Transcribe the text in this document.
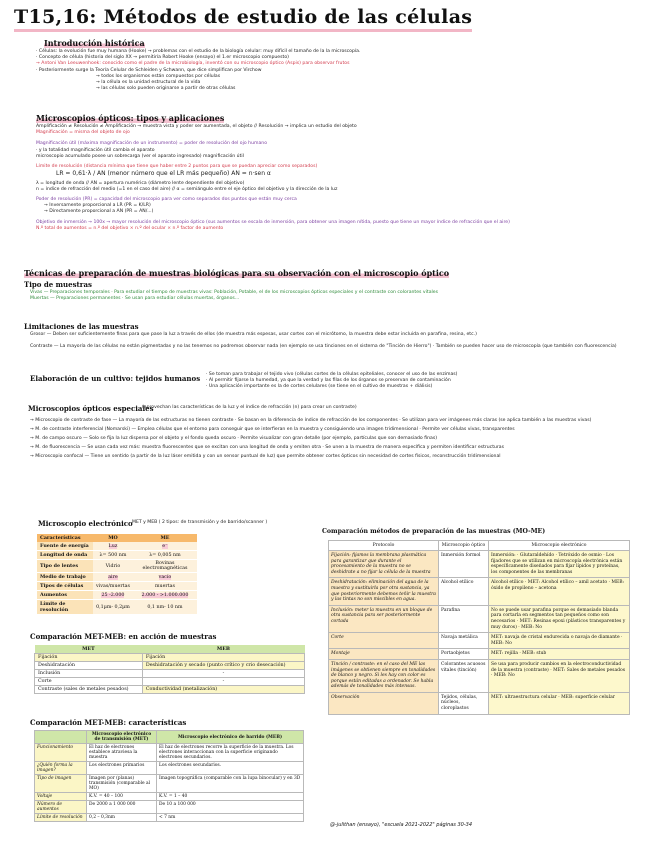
T15,16: Métodos de estudio de las células
Introducción histórica

· Células: la evolución fue muy humana (Hooke) → problemas con el estudio de la biología celular: muy difícil el tamaño de la la microscopía.

· Concepto de célula (historia del siglo XX → permitiría Robert Hooke (ensayo) el 1.er microscopio compuesto)

→ Antoni Van Leeuwenhoek: conocido como el padre de la microbiología, inventó con su microscopio óptico (Aspis) para observar frutos

· Posteriormente surge la Teoría Celular de Schleiden y Schwann, que dice simplifican por Virchow

→ todos los organismos están compuestos por células

→ la célula es la unidad estructural de la vida

→ las células solo pueden originarse a partir de otras células

Microscopios ópticos: tipos y aplicaciones

Amplificación ≠ Resolución ≠ Amplificación → muestra vista y poder ser aumentada, el objeto // Resolución → implica un estudio del objeto

Magnificación = misma del objeto de ojo

Magnificación útil (máxima magnificación de un instrumento) = poder de resolución del ojo humano

· y la totalidad magnificación útil cambia el aparato

microscopio acumulado posee un sobrecarga (ver el aparato ingresado) magnificación útil

Límite de resolución (distancia mínima que tiene que haber entre 2 puntos para que se puedan apreciar como separados)

LR = 0,61·λ / AN (menor número que el LR más pequeño) AN = n·sen α

λ = longitud de onda // AN = apertura numérica (diámetro lente dependiente del objetivo)

n = índice de refracción del medio (=1 en el caso del aire) // α = semiángulo entre el eje óptico del objetivo y la dirección de la luz

Poder de resolución (PR) = capacidad del microscopio para ver como separados dos puntos que están muy cerca

→ Inversamente proporcional a LR (PR = K/LR)

→ Directamente proporcional a AN (PR = AN/...)

Objetivo de inmersión → 100x → mayor resolución del microscopio óptico (sus aumentos se escala de inmersión, para obtener una imagen nítida, puesto que tiene un mayor índice de refracción que el aire)

N.º total de aumentos = n.º del objetivo × n.º del ocular × n.º factor de aumento

Técnicas de preparación de muestras biológicas para su observación con el microscopio óptico
Tipo de muestras

Vivas — Preparaciones temporales · Para estudiar el tiempo de muestras vivas: Población, Potable, el de los microscopios ópticos especiales y el contraste con colorantes vitales

Muertas — Preparaciones permanentes · Se usan para estudiar células muertas, órganos…

Limitaciones de las muestras

Grosor — Deben ser suficientemente finas para que pase la luz a través de ellos (de muestra más espesas, usar cortes con el micrótomo, la muestra debe estar incluida en parafina, resina, etc.)

Contraste — La mayoría de las células no están pigmentadas y no las tenemos no podremos observar nada (en ejemplo se usa tinciones en el sistema de "Tinción de Hierro") · También se pueden hacer uso de microscopía (que también con fluorescencia)

Elaboración de un cultivo: tejidos humanos · Se toman para trabajar el tejido vivo (células cortes de la células epiteliales, conocer el uso de las enzimas)

· Al permitir fijarse la humedad, ya que la verdad y las filas de los órganos se preservan de contaminación

· Una aplicación importante es la de cortes celulares (se tiene en el cultivo de muestras + diálisis)

Microscopios ópticos especiales

(aprovechan las características de la luz y el índice de refracción (n) para crear un contraste)

→ Microscopio de contraste de fase — La mayoría de las estructuras no tienen contraste · Se basan en la diferencia de índice de refracción de los componentes · Se utilizan para ver imágenes más claras (se aplica también a las muestras vivas)

→ M. de contraste interferencial (Nomarski) — Emplea células que el entorno para conseguir que se interfieran en la muestra y consiguiendo una imagen tridimensional · Permite ver células vivas, transparentes

→ M. de campo oscuro — Solo se fija la luz dispersa por el objeto y el fondo queda oscuro · Permite visualizar con gran detalle (por ejemplo, partículas que son demasiado finas)

→ M. de fluorescencia — Se usan cada vez más: muestra fluorescentes que se excitan con una longitud de onda y emiten otra · Se unen a la muestra de manera específica y permiten identificar estructuras

→ Microscopio confocal — Tiene un sentido (a partir de la luz láser emitida y con un sensor puntual de luz) que permite obtener cortes ópticos sin necesidad de cortes físicos, reconstrucción tridimensional

Microscopio electrónico MET y MEB ( 2 tipos: de transmisión y de barrido/scanner )

Características	MO	ME
Fuente de energía	Luz	e⁻
Longitud de onda	λ= 500 nm	λ= 0,005 nm
Tipo de lentes	Vidrio	Bovinas electromagnéticas
Medio de trabajo	aire	vacío
Tipos de células	vivas/muertas	muertas
Aumentos	25 -2.000	2.000 - >1.000.000
Límite de resolución	0,1µm- 0,2µm	0,1 nm- 10 nm
Comparación MET-MEB: en acción de muestras
MET	MEB
Fijación	Fijación
Deshidratación	Deshidratación y secado (punto crítico y crio desecación)
Inclusión	-
Corte	-
Contraste (sales de metales pesados)	Conductividad (metalización)
Comparación MET-MEB: características
	Microscopio electrónico de transmisión (MET)	Microscopio electrónico de barrido (MEB)
Funcionamiento	El haz de electrones establece atraviesa la muestra	El haz de electrones recorre la superficie de la muestra. Los electrones interaccionan con la superficie originando electrones secundarios.
¿Quién forma la imagen?	Los electrones primarios	Los electrones secundarios.
Tipo de imagen	Imagen por (planas) transmisión (comparable al MO)	Imagen topográfica (comparable con la lupa binocular) y en 3D
Voltaje	K.V. = 40 – 100	K.V. = 1 – 40
Número de aumentos	De 2000 a 1 000 000	De 10 a 100 000
Límite de resolución	0,2 – 0,3nm	< 7 nm
Comparación métodos de preparación de las muestras (MO-ME)
Protocolo	Microscopio óptico	Microscopio electrónico
Fijación: fijamos la membrana plasmática para garantizar que durante el procesamiento de la muestra no se deshidrate a no fijar la célula de la muestra	Inmersión formol	Inmersión: · Glutaraldehído · Tetróxido de osmio · Los fijadores que se utilizan en microscopía electrónica están específicamente diseñados para fijar lípidos y proteínas, los componentes de las membranas
Deshidratación: eliminación del agua de la muestra y sustituirla por otra sustancia, ya que posteriormente debemos teñir la muestra y las tintas no son miscibles en agua.	Alcohol etílico	Alcohol etílico · MET: Alcohol etílico – amil acetato · MEB: óxido de propileno – acetona
Inclusión: meter la muestra en un bloque de otra sustancia para ser posteriormente cortada	Parafina	No se puede usar parafina porque es demasiado blanda para cortarla en segmentos tan pequeños como son necesarios · MET: Resinas epoxi (plásticos transparentes y muy duros) · MEB: No
Corte	Navaja metálica	MET: navaja de cristal endurecida o navaja de diamante · MEB: No
Montaje	Portaobjetos	MET: rejilla · MEB: stub
Tinción / contraste: en el caso del ME las imágenes se obtienen siempre en tonalidades de blanco y negro. Si les hay con color es porque están editadas a ordenador. Se habla además de tonalidades más intensas.	Colorantes acuosos vitales (tinción)	Se usa para producir cambios en la electroconductividad de la muestra (contraste) · MET: Sales de metales pesados · MEB: No
Observación	Tejidos, células, núcleos, cloroplastos	MET: ultraestructura celular · MEB: superficie celular
@-julithan (ensayo), "escuela 2021-2022" páginas 30-34
